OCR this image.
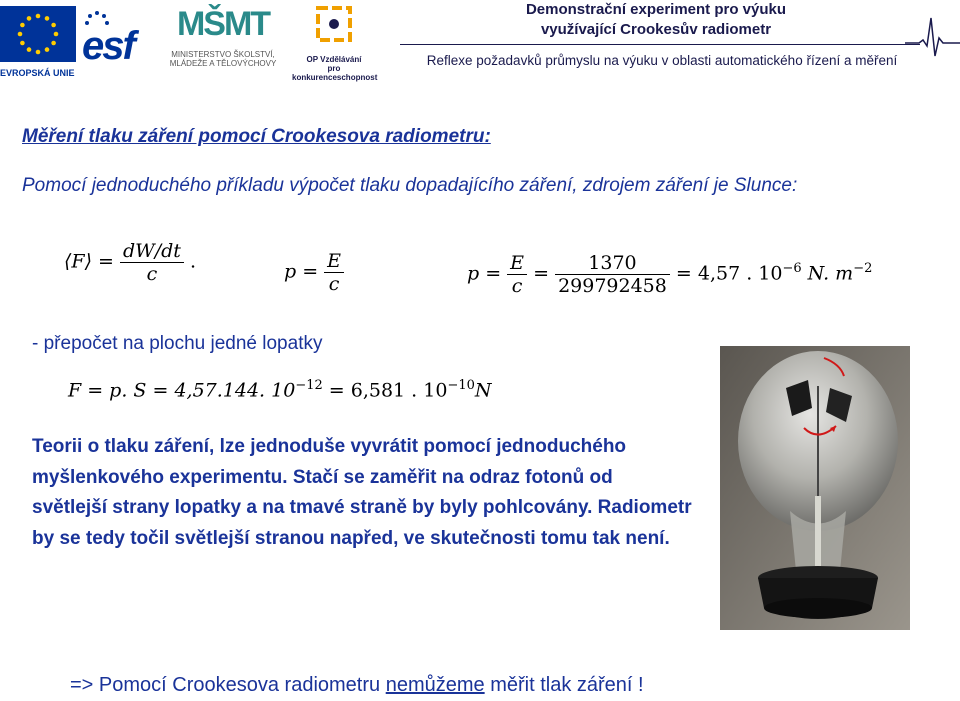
EVROPSKÁ UNIE
esf	MŠMT
MINISTERSTVO ŠKOLSTVÍ,
MLÁDEŽE A TĚLOVÝCHOVY	OP Vzdělávání
pro konkurenceschopnost
Demonstrační experiment pro výuku
využívající Crookesův radiometr
Reflexe požadavků průmyslu na výuku v oblasti automatického řízení a měření
Měření tlaku záření pomocí Crookesova radiometru:
Pomocí jednoduchého příkladu výpočet tlaku dopadajícího záření, zdrojem záření je Slunce:
⟨F⟩ = $\frac{dW/dt}{c}$ .	$p = \frac{E}{c}$	$p = \frac{E}{c} = \frac{1370}{299792458} = 4,57$ . $10^{-6}$ N. $m^{-2}$
- přepočet na plochu jedné lopatky
F = p. S = 4,57.144. $10^{-12} = 6,581$ . $10^{-10}N$
Teorii o tlaku záření, lze jednoduše vyvrátit pomocí jednoduchého myšlenkového experimentu. Stačí se zaměřit na odraz fotonů od světlejší strany lopatky a na tmavé straně by byly pohlcovány. Radiometr by se tedy točil světlejší stranou napřed, ve skutečnosti tomu tak není.
=> Pomocí Crookesova radiometru nemůžeme měřit tlak záření !
